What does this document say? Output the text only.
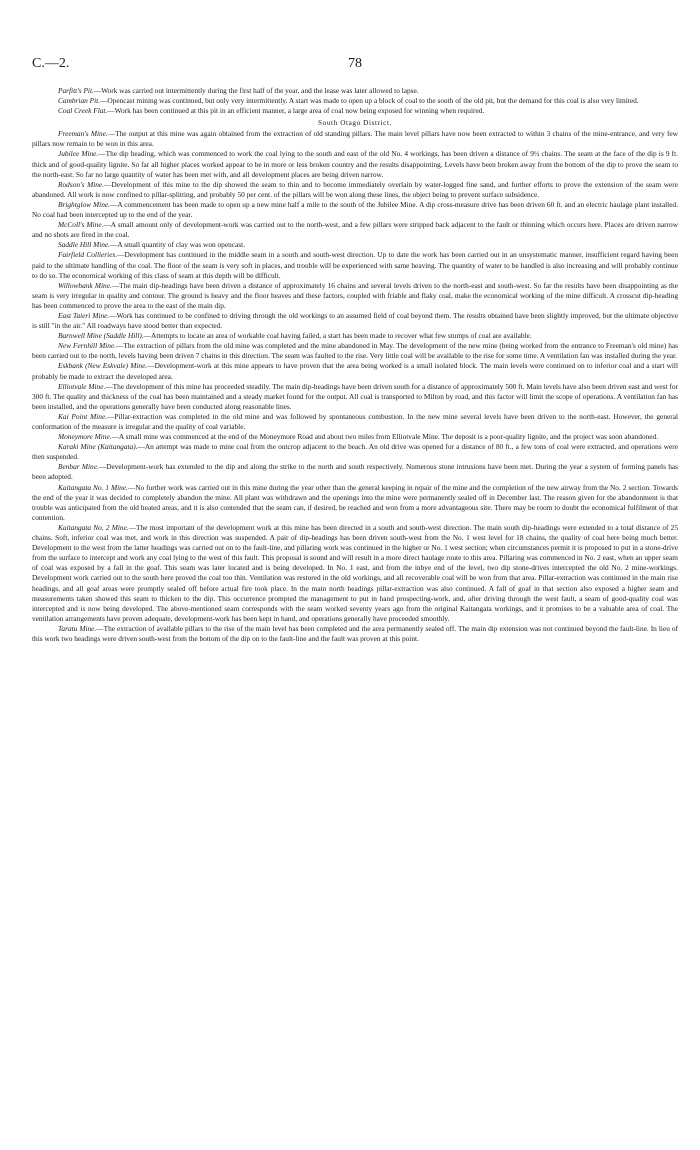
C.—2.	78

Parfitt's Pit.—Work was carried out intermittently during the first half of the year, and the lease was later allowed to lapse.

Cambrian Pit.—Opencast mining was continued, but only very intermittently. A start was made to open up a block of coal to the south of the old pit, but the demand for this coal is also very limited.

Coal Creek Flat.—Work has been continued at this pit in an efficient manner, a large area of coal now being exposed for winning when required.

South Otago District.

Freeman's Mine.—The output at this mine was again obtained from the extraction of old standing pillars. The main level pillars have now been extracted to within 3 chains of the mine-entrance, and very few pillars now remain to be won in this area.

Jubilee Mine.—The dip heading, which was commenced to work the coal lying to the south and east of the old No. 4 workings, has been driven a distance of 9½ chains. The seam at the face of the dip is 9 ft. thick and of good-quality lignite. So far all higher places worked appear to be in more or less broken country and the results disappointing. Levels have been broken away from the bottom of the dip to prove the seam to the north-east. So far no large quantity of water has been met with, and all development places are being driven narrow.

Rodson's Mine.—Development of this mine to the dip showed the seam to thin and to become immediately overlain by water-logged fine sand, and further efforts to prove the extension of the seam were abandoned. All work is now confined to pillar-splitting, and probably 50 per cent. of the pillars will be won along these lines, the object being to prevent surface subsidence.

Brightglow Mine.—A commencement has been made to open up a new mine half a mile to the south of the Jubilee Mine. A dip cross-measure drive has been driven 60 ft. and an electric haulage plant installed. No coal had been intercepted up to the end of the year.

McColl's Mine.—A small amount only of development-work was carried out to the north-west, and a few pillars were stripped back adjacent to the fault or thinning which occurs here. Places are driven narrow and no shots are fired in the coal.

Saddle Hill Mine.—A small quantity of clay was won opencast.

Fairfield Collieries.—Development has continued in the middle seam in a south and south-west direction. Up to date the work has been carried out in an unsystematic manner, insufficient regard having been paid to the ultimate handling of the coal. The floor of the seam is very soft in places, and trouble will be experienced with same heaving. The quantity of water to be handled is also increasing and will probably continue to do so. The economical working of this class of seam at this depth will be difficult.

Willowbank Mine.—The main dip-headings have been driven a distance of approximately 16 chains and several levels driven to the north-east and south-west. So far the results have been disappointing as the seam is very irregular in quality and contour. The ground is heavy and the floor heaves and these factors, coupled with friable and flaky coal, make the economical working of the mine difficult. A crosscut dip-heading has been commenced to prove the area to the east of the main dip.

East Taieri Mine.—Work has continued to be confined to driving through the old workings to an assumed field of coal beyond them. The results obtained have been slightly improved, but the ultimate objective is still "in the air." All roadways have stood better than expected.

Barnwell Mine (Saddle Hill).—Attempts to locate an area of workable coal having failed, a start has been made to recover what few stumps of coal are available.

New Fernhill Mine.—The extraction of pillars from the old mine was completed and the mine abandoned in May. The development of the new mine (being worked from the entrance to Freeman's old mine) has been carried out to the north, levels having been driven 7 chains in this direction. The seam was faulted to the rise. Very little coal will be available to the rise for some time. A ventilation fan was installed during the year.

Eskbank (New Eskvale) Mine.—Development-work at this mine appears to have proven that the area being worked is a small isolated block. The main levels were continued on to inferior coal and a start will probably be made to extract the developed area.

Elliotvale Mine.—The development of this mine has proceeded steadily. The main dip-headings have been driven south for a distance of approximately 500 ft. Main levels have also been driven east and west for 300 ft. The quality and thickness of the coal has been maintained and a steady market found for the output. All coal is transported to Milton by road, and this factor will limit the scope of operations. A ventilation fan has been installed, and the operations generally have been conducted along reasonable lines.

Kai Point Mine.—Pillar-extraction was completed in the old mine and was followed by spontaneous combustion. In the new mine several levels have been driven to the north-east. However, the general conformation of the measure is irregular and the quality of coal variable.

Moneymore Mine.—A small mine was commenced at the end of the Moneymore Road and about two miles from Elliotvale Mine. The deposit is a poor-quality lignite, and the project was soon abandoned.

Karaki Mine (Kaitangata).—An attempt was made to mine coal from the outcrop adjacent to the beach. An old drive was opened for a distance of 80 ft., a few tons of coal were extracted, and operations were then suspended.

Benbar Mine.—Development-work has extended to the dip and along the strike to the north and south respectively. Numerous stone intrusions have been met. During the year a system of forming panels has been adopted.

Kaitangata No. 1 Mine.—No further work was carried out in this mine during the year other than the general keeping in repair of the mine and the completion of the new airway from the No. 2 section. Towards the end of the year it was decided to completely abandon the mine. All plant was withdrawn and the openings into the mine were permanently sealed off in December last. The reason given for the abandonment is that trouble was anticipated from the old heated areas, and it is also contended that the seam can, if desired, be reached and won from a more advantageous site. There may be room to doubt the economical fulfilment of that contention.

Kaitangata No. 2 Mine.—The most important of the development work at this mine has been directed in a south and south-west direction. The main south dip-headings were extended to a total distance of 25 chains. Soft, inferior coal was met, and work in this direction was suspended. A pair of dip-headings has been driven south-west from the No. 1 west level for 18 chains, the quality of coal here being much better. Development to the west from the latter headings was carried out on to the fault-line, and pillaring work was continued in the higher or No. 1 west section; when circumstances permit it is proposed to put in a stone-drive from the surface to intercept and work any coal lying to the west of this fault. This proposal is sound and will result in a more direct haulage route to this area. Pillaring was commenced in No. 2 east, when an upper seam of coal was exposed by a fall in the goaf. This seam was later located and is being developed. In No. 1 east, and from the inbye end of the level, two dip stone-drives intercepted the old No. 2 mine-workings. Development work carried out to the south here proved the coal too thin. Ventilation was restored in the old workings, and all recoverable coal will be won from that area. Pillar-extraction was continued in the main rise headings, and all goaf areas were promptly sealed off before actual fire took place. In the main north headings pillar-extraction was also continued. A fall of goaf in that section also exposed a higher seam and measurements taken showed this seam to thicken to the dip. This occurrence prompted the management to put in hand prospecting-work, and, after driving through the west fault, a seam of good-quality coal was intercepted and is now being developed. The above-mentioned seam corresponds with the seam worked seventy years ago from the original Kaitangata workings, and it promises to be a valuable area of coal. The ventilation arrangements have proven adequate, development-work has been kept in hand, and operations generally have proceeded smoothly.

Taratu Mine.—The extraction of available pillars to the rise of the main level has been completed and the area permanently sealed off. The main dip extension was not continued beyond the fault-line. In lieu of this work two headings were driven south-west from the bottom of the dip on to the fault-line and the fault was proven at this point.
